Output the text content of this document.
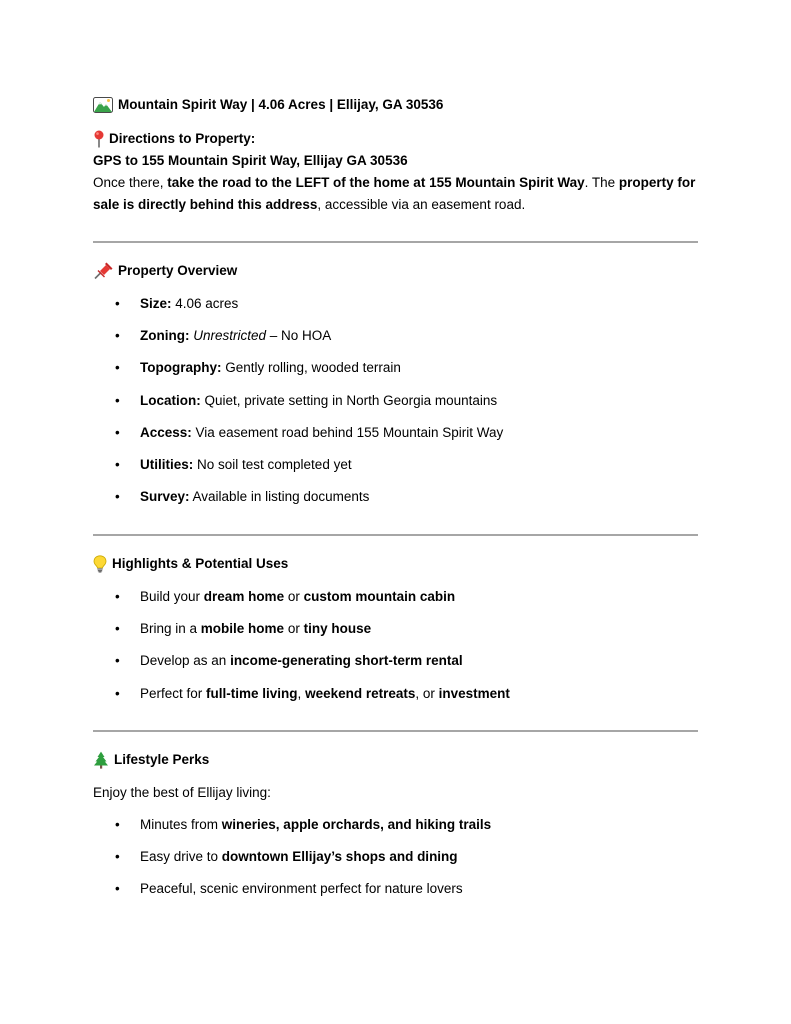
Mountain Spirit Way | 4.06 Acres | Ellijay, GA 30536
Directions to Property:
GPS to 155 Mountain Spirit Way, Ellijay GA 30536
Once there, take the road to the LEFT of the home at 155 Mountain Spirit Way. The property for sale is directly behind this address, accessible via an easement road.
Property Overview
•	Size: 4.06 acres
•	Zoning: Unrestricted – No HOA
•	Topography: Gently rolling, wooded terrain
•	Location: Quiet, private setting in North Georgia mountains
•	Access: Via easement road behind 155 Mountain Spirit Way
•	Utilities: No soil test completed yet
•	Survey: Available in listing documents
Highlights & Potential Uses
•	Build your dream home or custom mountain cabin
•	Bring in a mobile home or tiny house
•	Develop as an income-generating short-term rental
•	Perfect for full-time living, weekend retreats, or investment
Lifestyle Perks
Enjoy the best of Ellijay living:
•	Minutes from wineries, apple orchards, and hiking trails
•	Easy drive to downtown Ellijay’s shops and dining
•	Peaceful, scenic environment perfect for nature lovers
